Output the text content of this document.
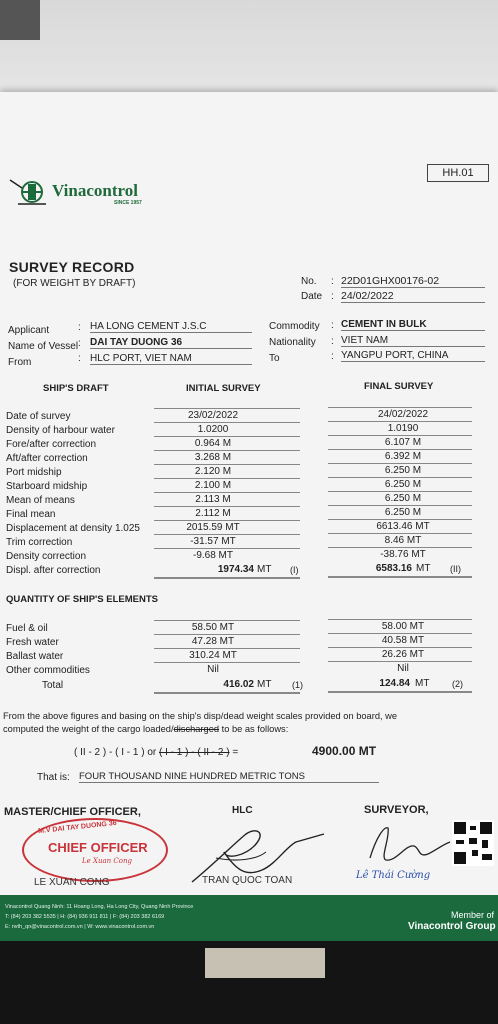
HH.01
Vinacontrol
SINCE 1957
SURVEY RECORD
(FOR WEIGHT BY DRAFT)	No. : 22D01GHX00176-02
Date : 24/02/2022
Applicant	: HA LONG CEMENT J.S.C
Name of Vessel : DAI TAY DUONG 36
From	: HLC PORT, VIET NAM
Commodity : CEMENT IN BULK
Nationality : VIET NAM
To	: YANGPU PORT, CHINA
SHIP'S DRAFT	INITIAL SURVEY	FINAL SURVEY
Date of survey	23/02/2022	24/02/2022
Density of harbour water	1.0200	1.0190
Fore/after correction	0.964 M	6.107 M
Aft/after correction	3.268 M	6.392 M
Port midship	2.120 M	6.250 M
Starboard midship	2.100 M	6.250 M
Mean of means	2.113 M	6.250 M
Final mean	2.112 M	6.250 M
Displacement at density 1.025	2015.59 MT	6613.46 MT
Trim correction	-31.57 MT	8.46 MT
Density correction	-9.68 MT	-38.76 MT
Displ. after correction	1974.34 MT (I)	6583.16 MT (II)
QUANTITY OF SHIP'S ELEMENTS
Fuel & oil	58.50 MT	58.00 MT
Fresh water	47.28 MT	40.58 MT
Ballast water	310.24 MT	26.26 MT
Other commodities	Nil	Nil
Total	416.02 MT (1)	124.84 MT	(2)
From the above figures and basing on the ship's disp/dead weight scales provided on board, we
computed the weight of the cargo loaded/discharged to be as follows:
( II - 2 ) - ( I - 1 ) or ( I - 1 ) - ( II - 2 ) =	4900.00 MT
That is: FOUR THOUSAND NINE HUNDRED METRIC TONS
MASTER/CHIEF OFFICER,	HLC	SURVEYOR,
M.V DAI TAY DUONG 36
CHIEF OFFICER
Le Xuan Cong
Lê Thái Cường
LE XUAN CONG	TRAN QUOC TOAN
Vinacontrol Quang Ninh: 11 Hoang Long, Ha Long City, Quang Ninh Province
T: (84) 203 382 5535 | H: (84) 936 911 811 | F: (84) 203 382 6169
E: nvth_qn@vinacontrol.com.vn | W: www.vinacontrol.com.vn
Member of
Vinacontrol Group
